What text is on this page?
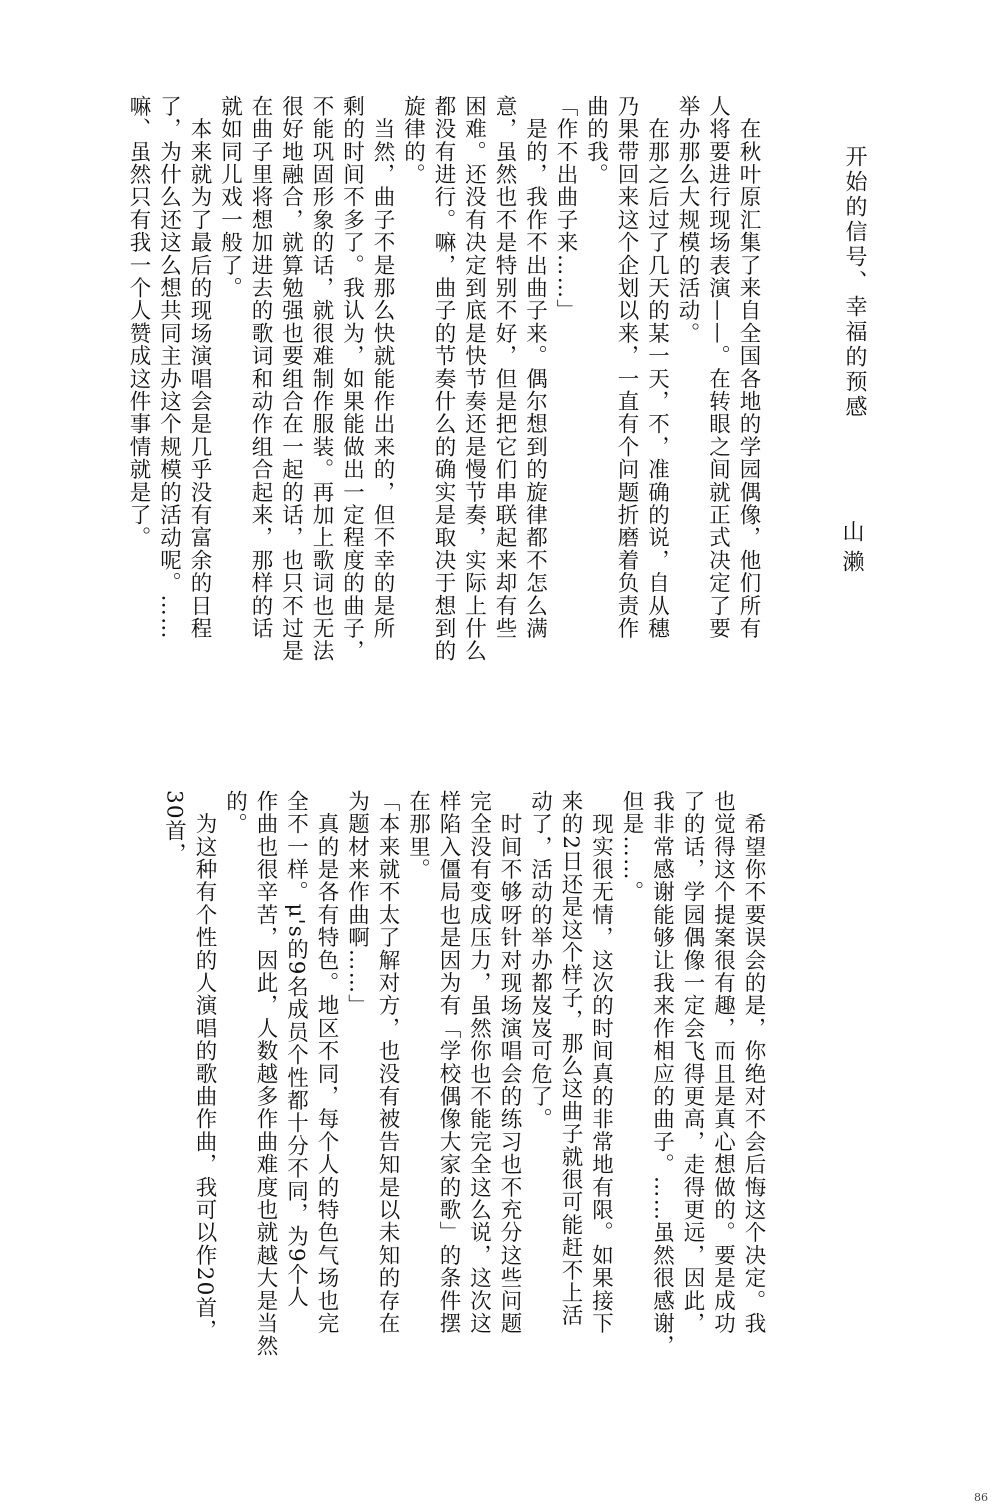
开始的信号、幸福的预感
山濑

　在秋叶原汇集了来自全国各地的学园偶像，他们所有

人将要进行现场表演——。在转眼之间就正式决定了要

举办那么大规模的活动。

　在那之后过了几天的某一天，不，准确的说，自从穗

乃果带回来这个企划以来，一直有个问题折磨着负责作

曲的我。

「作不出曲子来……」

　是的，我作不出曲子来。偶尔想到的旋律都不怎么满

意，虽然也不是特别不好，但是把它们串联起来却有些

困难。还没有决定到底是快节奏还是慢节奏，实际上什么

都没有进行。嘛，曲子的节奏什么的确实是取决于想到的

旋律的。

　当然，曲子不是那么快就能作出来的，但不幸的是所

剩的时间不多了。我认为，如果能做出一定程度的曲子，

不能巩固形象的话，就很难制作服装。再加上歌词也无法

很好地融合，就算勉强也要组合在一起的话，也只不过是

在曲子里将想加进去的歌词和动作组合起来，那样的话

就如同儿戏一般了。

　本来就为了最后的现场演唱会是几乎没有富余的日程

了，为什么还这么想共同主办这个规模的活动呢。……

嘛、虽然只有我一个人赞成这件事情就是了。

　希望你不要误会的是，你绝对不会后悔这个决定。我

也觉得这个提案很有趣，而且是真心想做的。要是成功

了的话，学园偶像一定会飞得更高，走得更远，因此，

我非常感谢能够让我来作相应的曲子。……虽然很感谢，

但是……。

　现实很无情，这次的时间真的非常地有限。如果接下

来的2日还是这个样子，那么这曲子就很可能赶不上活

动了，活动的举办都岌岌可危了。

　时间不够呀针对现场演唱会的练习也不充分这些问题

完全没有变成压力，虽然你也不能完全这么说，这次这

样陷入僵局也是因为有「学校偶像大家的歌」的条件摆

在那里。

「本来就不太了解对方，也没有被告知是以未知的存在

为题材来作曲啊……」

　真的是各有特色。地区不同，每个人的特色气场也完

全不一样。μ's的9名成员个性都十分不同，为9个人

作曲也很辛苦，因此，人数越多作曲难度也就越大是当然

的。

　为这种有个性的人演唱的歌曲作曲，我可以作20首，

30首，

86
